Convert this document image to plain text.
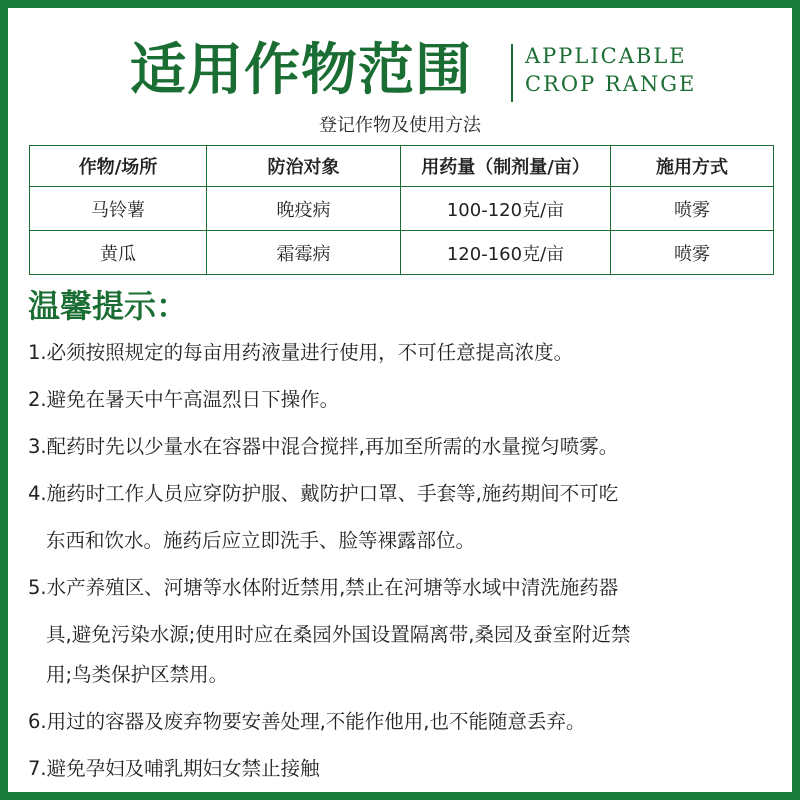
适用作物范围	APPLICABLE
CROP RANGE
登记作物及使用方法
作物/场所	防治对象	用药量（制剂量/亩）	施用方式
马铃薯	晚疫病	100-120克/亩	喷雾
黄瓜	霜霉病	120-160克/亩	喷雾
温馨提示：
1.必须按照规定的每亩用药液量进行使用，不可任意提高浓度。
2.避免在暑天中午高温烈日下操作。
3.配药时先以少量水在容器中混合搅拌,再加至所需的水量搅匀喷雾。
4.施药时工作人员应穿防护服、戴防护口罩、手套等,施药期间不可吃
东西和饮水。施药后应立即洗手、脸等裸露部位。
5.水产养殖区、河塘等水体附近禁用,禁止在河塘等水域中清洗施药器
具,避免污染水源;使用时应在桑园外国设置隔离带,桑园及蚕室附近禁
用;鸟类保护区禁用。
6.用过的容器及废弃物要安善处理,不能作他用,也不能随意丢弃。
7.避免孕妇及哺乳期妇女禁止接触
